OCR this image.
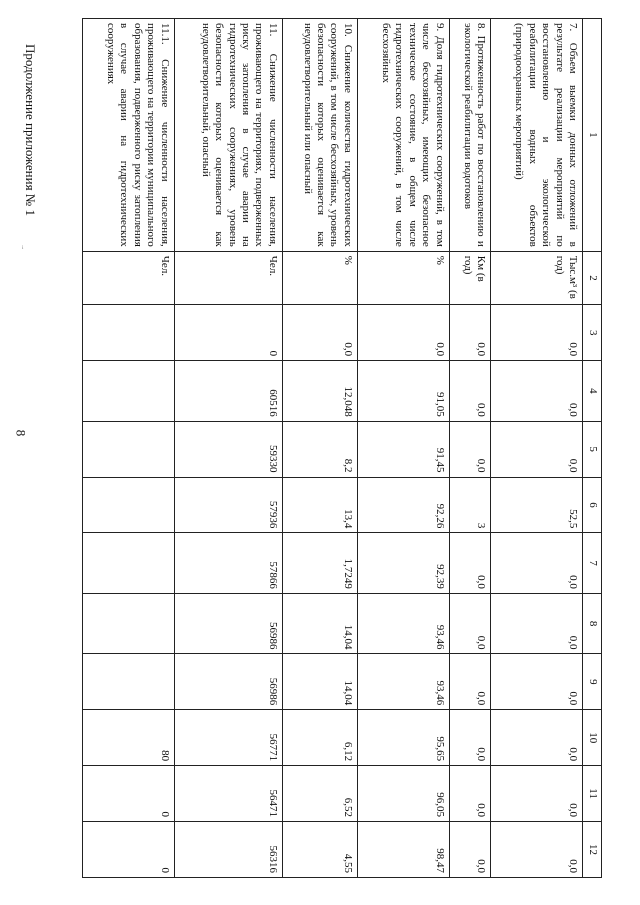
8
Продолжение приложения № 1
ᵢ
1	2	3	4	5	6	7	8	9	10	11	12
7. Объем выемки донных отложений в результате реализации мероприятий по восстановлению и экологической реабилитации водных объектов (природоохранных мероприятий)	Тыс.м³ (в год)	0,0	0,0	0,0	52,5	0,0	0,0	0,0	0,0	0,0	0,0
8. Протяженность работ по восстановлению и экологической реабилитации водотоков	Км (в год)	0,0	0,0	0,0	3	0,0	0,0	0,0	0,0	0,0	0,0
9. Доля гидротехнических сооружений, в том числе бесхозяйных, имеющих безопасное техническое состояние, в общем числе гидротехнических сооружений, в том числе бесхозяйных	%	0,0	91,05	91,45	92,26	92,39	93,46	93,46	95,65	96,05	98,47
10. Снижение количества гидротехнических сооружений, в том числе бесхозяйных, уровень безопасности которых оценивается как неудовлетворительный или опасный	%	0,0	12,048	8,2	13,4	1,7249	14,04	14,04	6,12	6,52	4,55
11. Снижение численности населения, проживающего на территориях, подверженных риску затопления в случае аварии на гидротехнических сооружениях, уровень безопасности которых оценивается как неудовлетворительный, опасный	Чел.	0	60516	59330	57936	57866	56986	56986	56771	56471	56316
11.1. Снижение численности населения, проживающего на территории муниципального образования, подверженного риску затопления в случае аварии на гидротехнических сооружениях	Чел.								80	0	0
